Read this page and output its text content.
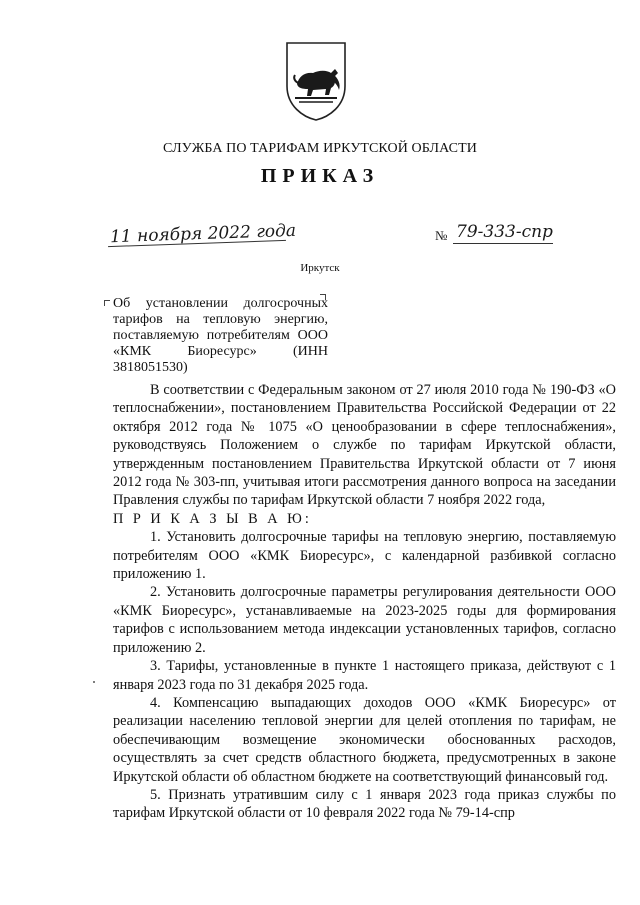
СЛУЖБА ПО ТАРИФАМ ИРКУТСКОЙ ОБЛАСТИ
ПРИКАЗ
11 ноября 2022 года	№ 79-333-спр
Иркутск
Об установлении долгосрочных тарифов на тепловую энергию, поставляемую потребителям ООО «КМК Биоресурс» (ИНН 3818051530)

В соответствии с Федеральным законом от 27 июля 2010 года № 190-ФЗ «О теплоснабжении», постановлением Правительства Российской Федерации от 22 октября 2012 года № 1075 «О ценообразовании в сфере теплоснабжения», руководствуясь Положением о службе по тарифам Иркутской области, утвержденным постановлением Правительства Иркутской области от 7 июня 2012 года № 303-пп, учитывая итоги рассмотрения данного вопроса на заседании Правления службы по тарифам Иркутской области 7 ноября 2022 года,

П Р И К А З Ы В А Ю:

1. Установить долгосрочные тарифы на тепловую энергию, поставляемую потребителям ООО «КМК Биоресурс», с календарной разбивкой согласно приложению 1.

2. Установить долгосрочные параметры регулирования деятельности ООО «КМК Биоресурс», устанавливаемые на 2023-2025 годы для формирования тарифов с использованием метода индексации установленных тарифов, согласно приложению 2.

3. Тарифы, установленные в пункте 1 настоящего приказа, действуют с 1 января 2023 года по 31 декабря 2025 года.

4. Компенсацию выпадающих доходов ООО «КМК Биоресурс» от реализации населению тепловой энергии для целей отопления по тарифам, не обеспечивающим возмещение экономически обоснованных расходов, осуществлять за счет средств областного бюджета, предусмотренных в законе Иркутской области об областном бюджете на соответствующий финансовый год.

5. Признать утратившим силу с 1 января 2023 года приказ службы по тарифам Иркутской области от 10 февраля 2022 года № 79-14-спр
